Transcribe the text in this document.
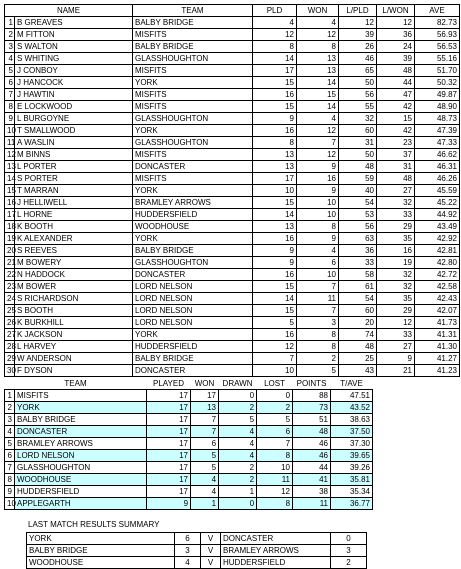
NAME		TEAM	PLD	WON	L/PLD	L/WON	AVE
1	B GREAVES	BALBY BRIDGE	4	4	12	12	82.73
2	M FITTON	MISFITS	12	12	39	36	56.93
3	S WALTON	BALBY BRIDGE	8	8	26	24	56.53
4	S WHITING	GLASSHOUGHTON	14	13	46	39	55.16
5	J CONBOY	MISFITS	17	13	65	48	51.70
6	J HANCOCK	YORK	15	14	50	44	50.32
7	J HAWTIN	MISFITS	16	15	56	47	49.87
8	E LOCKWOOD	MISFITS	15	14	55	42	48.90
9	L BURGOYNE	GLASSHOUGHTON	9	4	32	15	48.73
10	T SMALLWOOD	YORK	16	12	60	42	47.39
11	A WASLIN	GLASSHOUGHTON	8	7	31	23	47.33
12	M BINNS	MISFITS	13	12	50	37	46.62
13	L PORTER	DONCASTER	13	9	48	31	46.31
14	S PORTER	MISFITS	17	16	59	48	46.26
15	T MARRAN	YORK	10	9	40	27	45.59
16	J HELLIWELL	BRAMLEY ARROWS	15	10	54	32	45.22
17	L HORNE	HUDDERSFIELD	14	10	53	33	44.92
18	K BOOTH	WOODHOUSE	13	8	56	29	43.49
19	K ALEXANDER	YORK	16	9	63	35	42.92
20	S REEVES	BALBY BRIDGE	9	4	36	16	42.81
21	M BOWERY	GLASSHOUGHTON	9	6	33	19	42.80
22	N HADDOCK	DONCASTER	16	10	58	32	42.72
23	M BOWER	LORD NELSON	15	7	61	32	42.58
24	S RICHARDSON	LORD NELSON	14	11	54	35	42.43
25	S BOOTH	LORD NELSON	15	7	60	29	42.07
26	K BURKHILL	LORD NELSON	5	3	20	12	41.73
27	K JACKSON	YORK	16	8	74	33	41.31
28	L HARVEY	HUDDERSFIELD	12	8	48	27	41.30
29	W ANDERSON	BALBY BRIDGE	7	2	25	9	41.27
30	F DYSON	DONCASTER	10	5	43	21	41.23
TEAM		PLAYED	WON	DRAWN	LOST	POINTS	T/AVE
1	MISFITS	17	17	0	0	88	47.51
2	YORK	17	13	2	2	73	43.52
3	BALBY BRIDGE	17	7	5	5	51	38.63
4	DONCASTER	17	7	4	6	48	37.50
5	BRAMLEY ARROWS	17	6	4	7	46	37.30
6	LORD NELSON	17	5	4	8	46	39.65
7	GLASSHOUGHTON	17	5	2	10	44	39.26
8	WOODHOUSE	17	4	2	11	41	35.81
9	HUDDERSFIELD	17	4	1	12	38	35.34
10	APPLEGARTH	9	1	0	8	11	36.77
LAST MATCH RESULTS SUMMARY
YORK	6	V	DONCASTER	0
BALBY BRIDGE	3	V	BRAMLEY ARROWS	3
WOODHOUSE	4	V	HUDDERSFIELD	2
